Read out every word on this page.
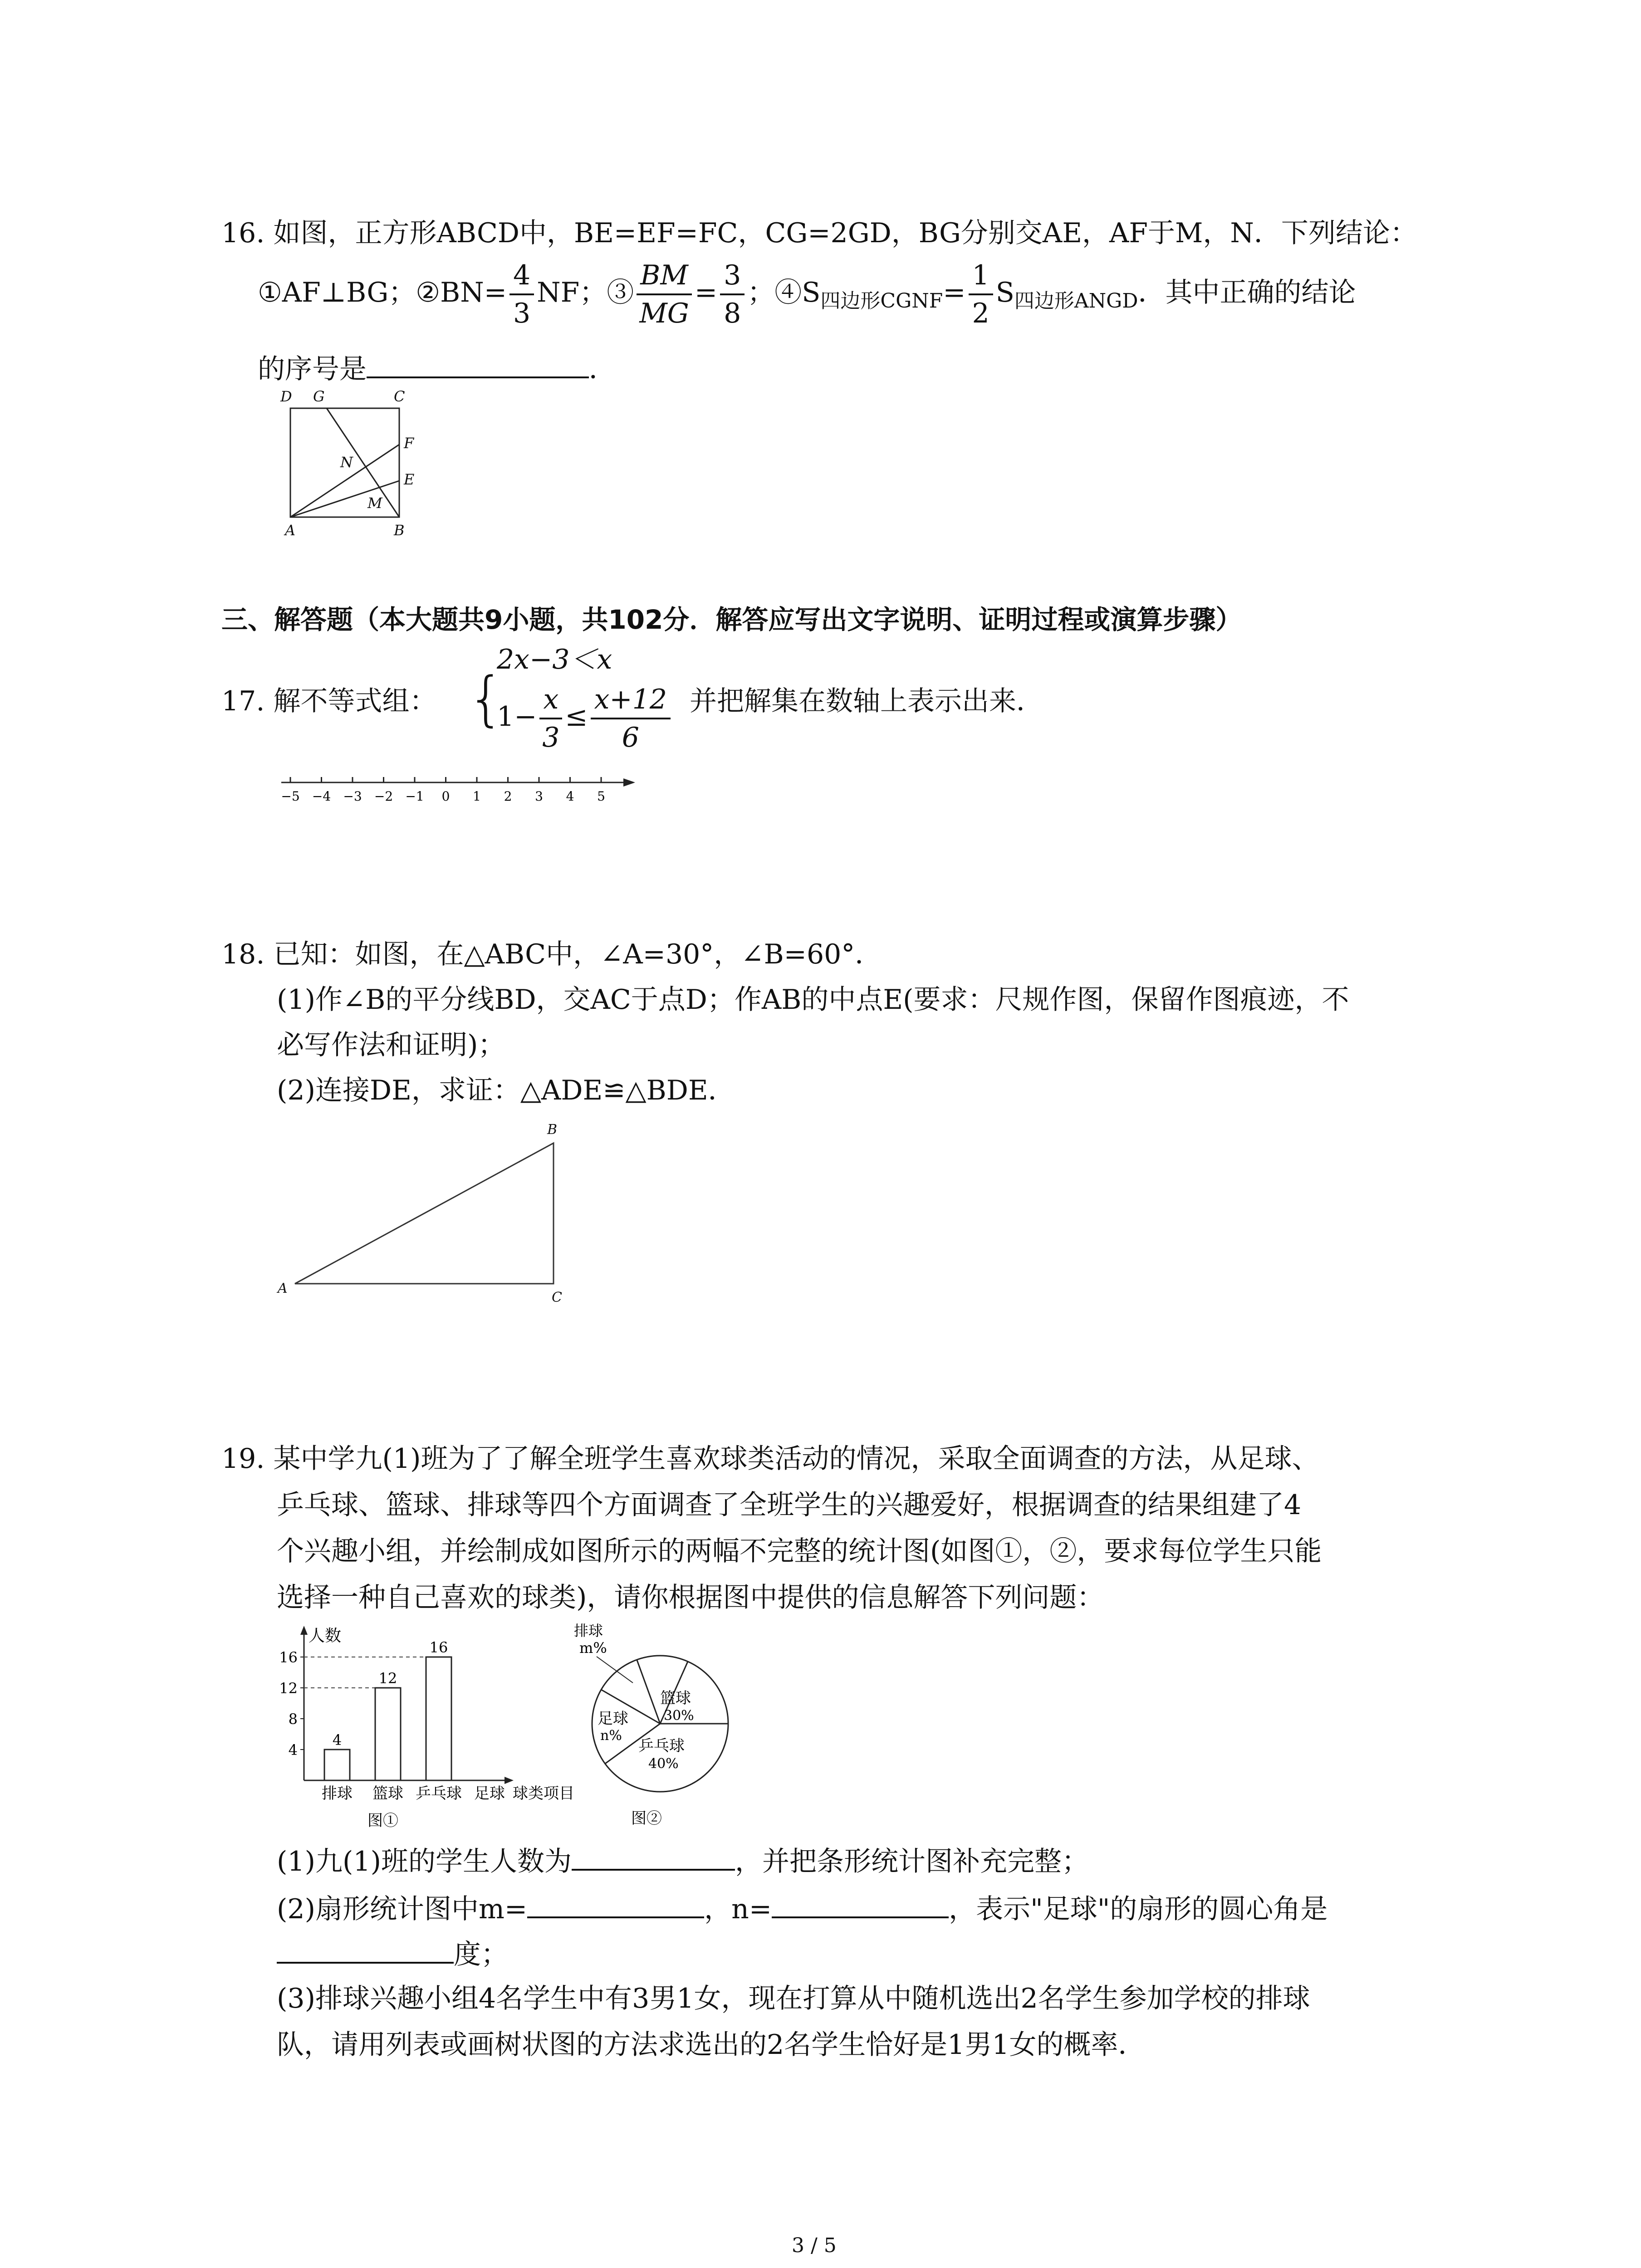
16. 如图，正方形ABCD中，BE=EF=FC，CG=2GD，BG分别交AE，AF于M，N．下列结论：
①AF⊥BG；②BN= $\frac{4}{3}$ NF；③ $\frac{BM}{MG} = \frac{3}{8}$ ；$④S_{四边形CGNF}= \frac{1}{2} S_{四边形ANGD}$．其中正确的结论
的序号是	．
D G	C
F
N
E
M
A	B
三、解答题（本大题共9小题，共102分．解答应写出文字说明、证明过程或演算步骤）
17. 解不等式组： {
2x−3＜x
$1- \frac{x}{3} \le \frac{x+12}{6}$ 并把解集在数轴上表示出来．
−5 −4 −3 −2 −1 0 1 2 3 4 5
18. 已知：如图，在△ABC中，∠A=30°，∠B=60°．
(1)作∠B的平分线BD，交AC于点D；作AB的中点E(要求：尺规作图，保留作图痕迹，不
必写作法和证明)；
(2)连接DE，求证：△ADE≌△BDE．
A
B
C
19. 某中学九(1)班为了了解全班学生喜欢球类活动的情况，采取全面调查的方法，从足球、
乒乓球、篮球、排球等四个方面调查了全班学生的兴趣爱好，根据调查的结果组建了4
个兴趣小组，并绘制成如图所示的两幅不完整的统计图(如图①，②，要求每位学生只能
选择一种自己喜欢的球类)，请你根据图中提供的信息解答下列问题：
人数
4
8
12
16
4
排球
12
篮球
16
乒乓球 足球 球类项目
图①
排球
m%
篮球
30%
足球
n%
乒乓球
40%
图②
(1)九(1)班的学生人数为	，并把条形统计图补充完整；
(2)扇形统计图中m=	，n=	，表示"足球"的扇形的圆心角是
度；
(3)排球兴趣小组4名学生中有3男1女，现在打算从中随机选出2名学生参加学校的排球
队，请用列表或画树状图的方法求选出的2名学生恰好是1男1女的概率．
3 / 5
